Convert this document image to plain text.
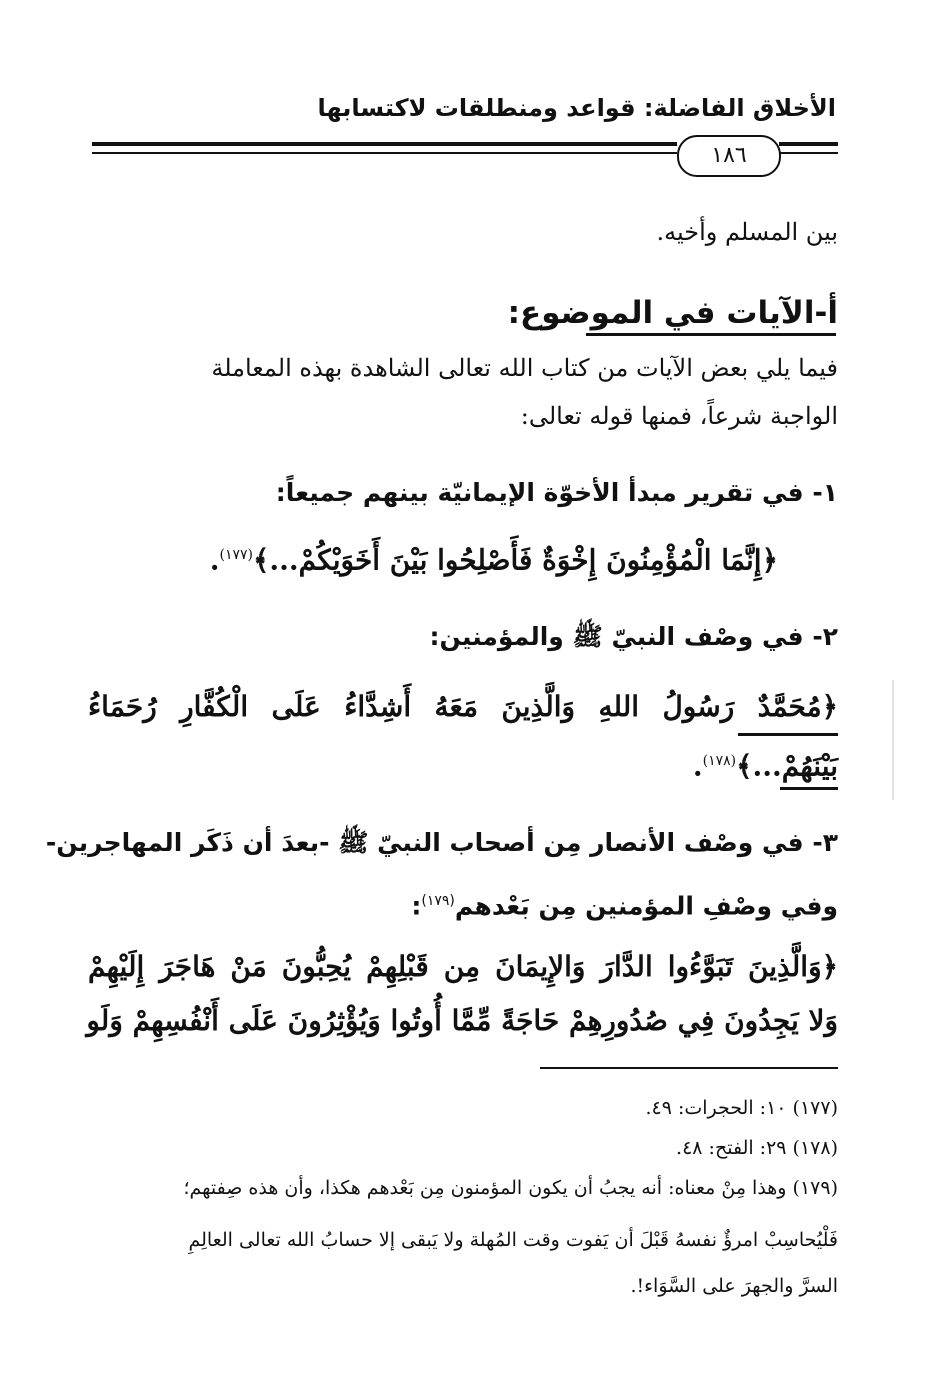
الأخلاق الفاضلة: قواعد ومنطلقات لاكتسابها
١٨٦
بين المسلم وأخيه.
أ-الآيات في الموضوع:
فيما يلي بعض الآيات من كتاب الله تعالى الشاهدة بهذه المعاملة
الواجبة شرعاً، فمنها قوله تعالى:
١- في تقرير مبدأ الأخوّة الإيمانيّة بينهم جميعاً:
﴿إِنَّمَا الْمُؤْمِنُونَ إِخْوَةٌ فَأَصْلِحُوا بَيْنَ أَخَوَيْكُمْ...﴾$^{(١٧٧)}$.
٢- في وصْف النبيّ ﷺ والمؤمنين:
﴿مُحَمَّدٌ رَسُولُ اللهِ وَالَّذِينَ مَعَهُ أَشِدَّاءُ عَلَى الْكُفَّارِ رُحَمَاءُ
بَيْنَهُمْ...﴾$^{(١٧٨)}$.
٣- في وصْف الأنصار مِن أصحاب النبيّ ﷺ -بعدَ أن ذَكَر المهاجرين-
وفي وصْفِ المؤمنين مِن بَعْدهم$^{(١٧٩)}$:
﴿وَالَّذِينَ تَبَوَّءُوا الدَّارَ وَالإِيمَانَ مِن قَبْلِهِمْ يُحِبُّونَ مَنْ هَاجَرَ إِلَيْهِمْ
وَلا يَجِدُونَ فِي صُدُورِهِمْ حَاجَةً مِّمَّا أُوتُوا وَيُؤْثِرُونَ عَلَى أَنْفُسِهِمْ وَلَو
(١٧٧) ١٠: الحجرات: ٤٩.
(١٧٨) ٢٩: الفتح: ٤٨.
(١٧٩) وهذا مِنْ معناه: أنه يجبُ أن يكون المؤمنون مِن بَعْدهم هكذا، وأن هذه صِفتهم؛
فَلْيُحاسِبْ امرؤٌ نفسهُ قَبْلَ أن يَفوت وقت المُهلة ولا يَبقى إلا حسابُ الله تعالى العالِمِ
السرَّ والجهرَ على السَّوَاء!.
